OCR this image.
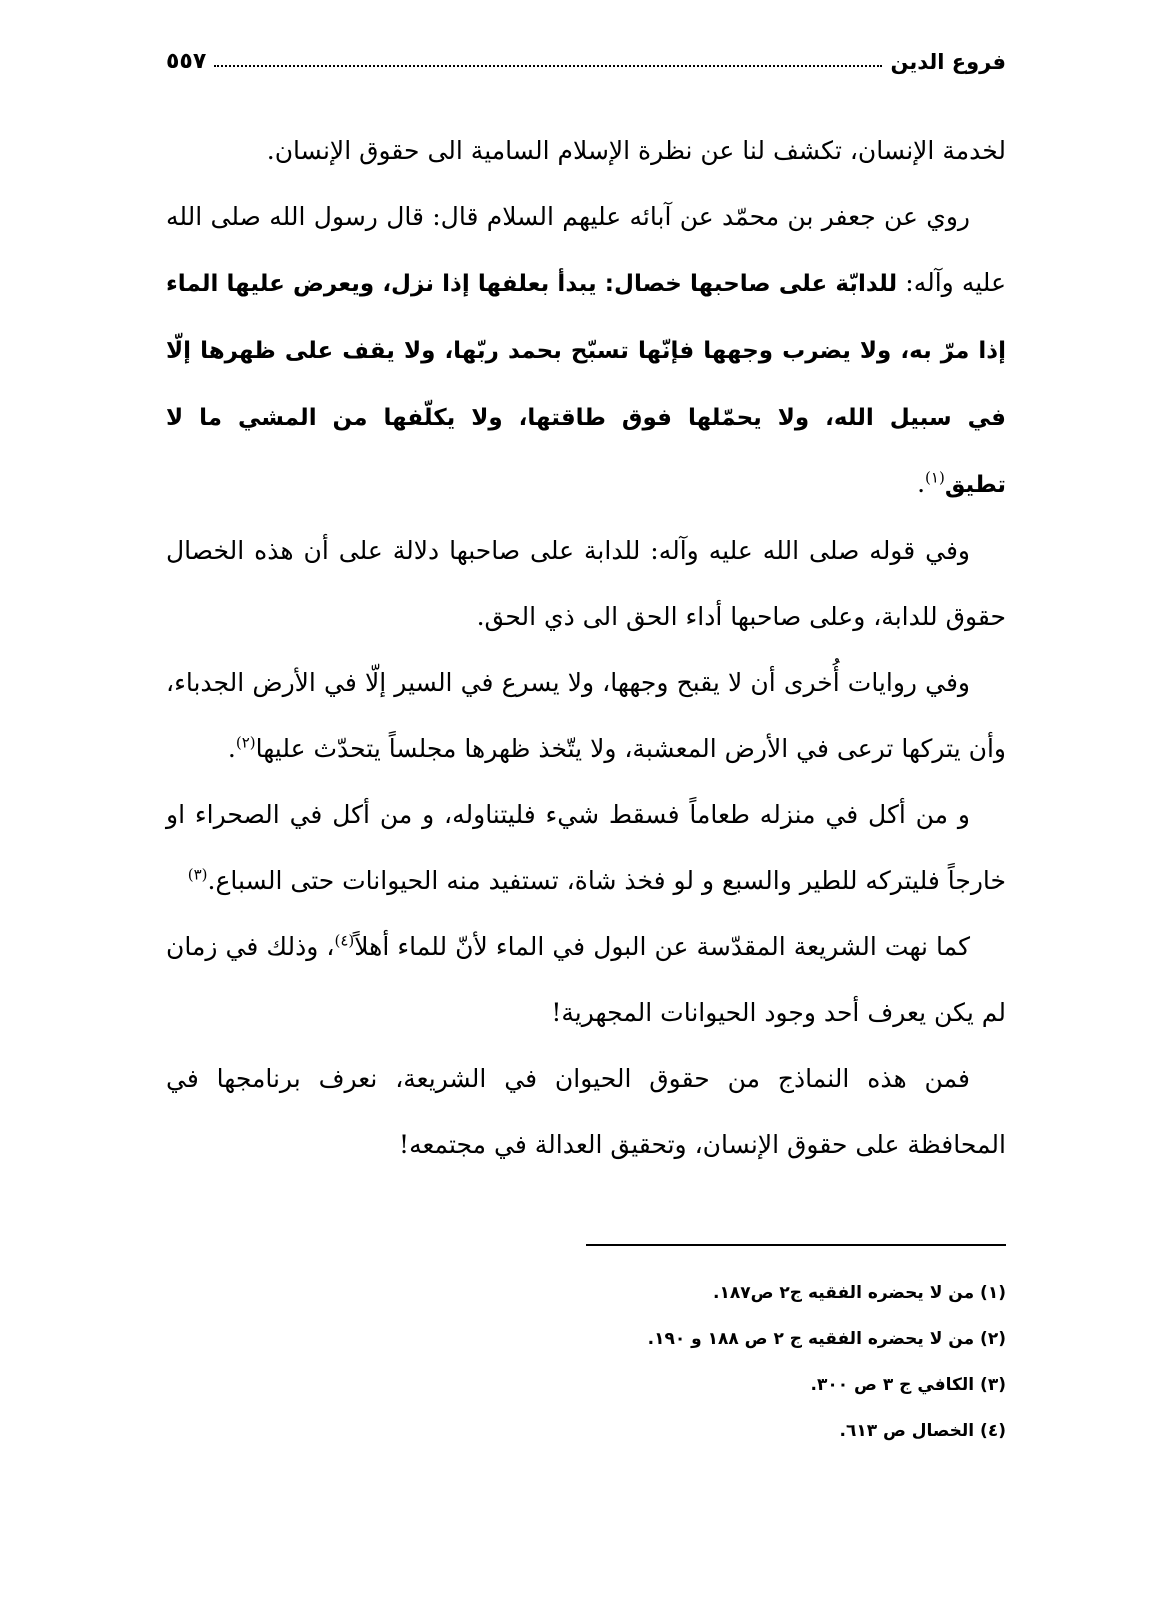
فروع الدين
٥٥٧

لخدمة الإنسان، تكشف لنا عن نظرة الإسلام السامية الى حقوق الإنسان.

روي عن جعفر بن محمّد عن آبائه عليهم السلام قال: قال رسول الله صلى الله عليه وآله: للدابّة على صاحبها خصال: يبدأ بعلفها إذا نزل، ويعرض عليها الماء إذا مرّ به، ولا يضرب وجهها فإنّها تسبّح بحمد ربّها، ولا يقف على ظهرها إلّا في سبيل الله، ولا يحمّلها فوق طاقتها، ولا يكلّفها من المشي ما لا تطيق$^{(١)}$.

وفي قوله صلى الله عليه وآله: للدابة على صاحبها دلالة على أن هذه الخصال حقوق للدابة، وعلى صاحبها أداء الحق الى ذي الحق.

وفي روايات أُخرى أن لا يقبح وجهها، ولا يسرع في السير إلّا في الأرض الجدباء، وأن يتركها ترعى في الأرض المعشبة، ولا يتّخذ ظهرها مجلساً يتحدّث عليها$^{(٢)}$.

و من أكل في منزله طعاماً فسقط شيء فليتناوله، و من أكل في الصحراء او خارجاً فليتركه للطير والسبع و لو فخذ شاة، تستفيد منه الحيوانات حتى السباع.$^{(٣)}$

كما نهت الشريعة المقدّسة عن البول في الماء لأنّ للماء أهلاً$^{(٤)}$، وذلك في زمان لم يكن يعرف أحد وجود الحيوانات المجهرية!

فمن هذه النماذج من حقوق الحيوان في الشريعة، نعرف برنامجها في المحافظة على حقوق الإنسان، وتحقيق العدالة في مجتمعه!

(١) من لا يحضره الفقيه ج٢ ص١٨٧.

(٢) من لا يحضره الفقيه ج ٢ ص ١٨٨ و ١٩٠.

(٣) الكافي ج ٣ ص ٣٠٠.

(٤) الخصال ص ٦١٣.
